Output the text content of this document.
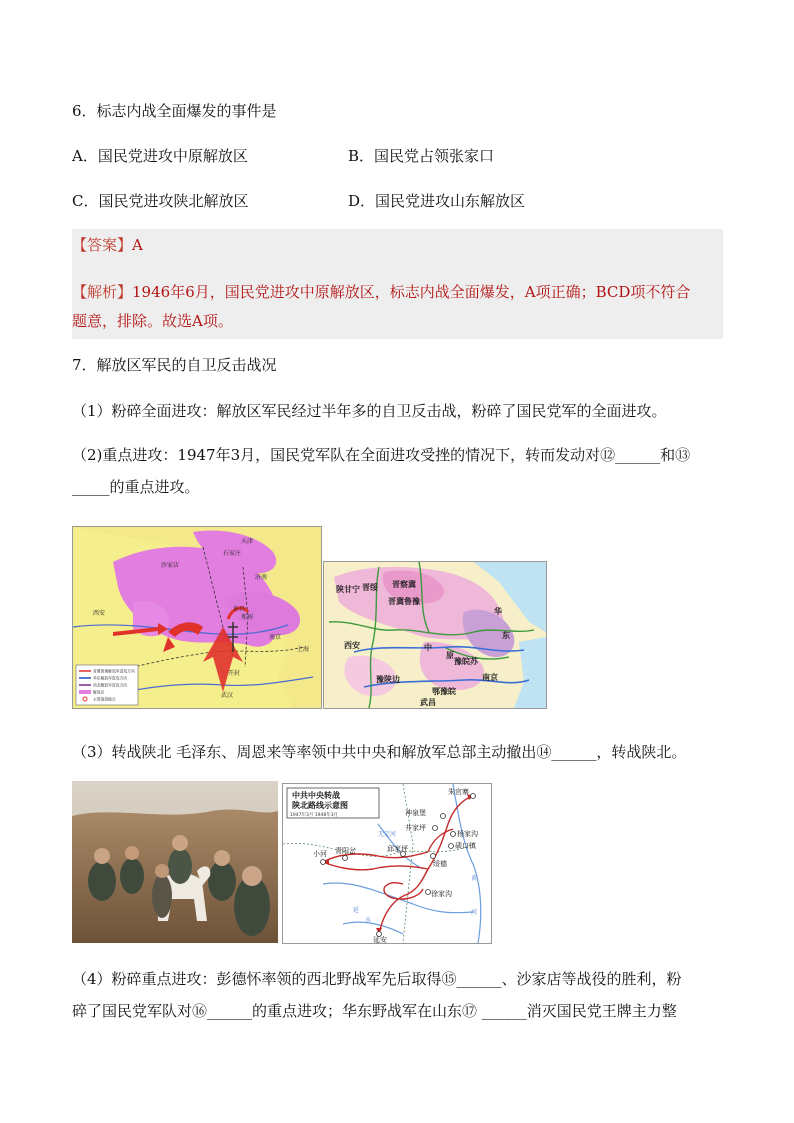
6．标志内战全面爆发的事件是
A．国民党进攻中原解放区	B．国民党占领张家口
C．国民党进攻陕北解放区	D．国民党进攻山东解放区
【答案】A
【解析】1946年6月，国民党进攻中原解放区，标志内战全面爆发，A项正确；BCD项不符合
题意，排除。故选A项。
7．解放区军民的自卫反击战况
（1）粉碎全面进攻：解放区军民经过半年多的自卫反击战，粉碎了国民党军的全面进攻。
（2)重点进攻：1947年3月，国民党军队在全面进攻受挫的情况下，转而发动对⑫______和⑬
_____的重点进攻。
天津
石家庄
沙家店
济南
许昌
郑州
南京
上海
开封
西安
武汉
晋冀鲁豫解放军进攻方向
华东解放军进攻方向
西北解放军进攻方向
解放区
主要战役地点
陕甘宁 晋绥 晋察冀
晋冀鲁豫
华
东
中
原
西安
豫皖苏
豫陕边
鄂豫皖
南京
武昌
（3）转战陕北 毛泽东、周恩来等率领中共中央和解放军总部主动撤出⑭______，转战陕北。
中共中央转战
陕北路线示意图
1947年3月 1948年3月
朱官寨
神泉堡
井家坪
杨家沟
碛口镇
小河 青阳岔	邱家坪
绥德
徐家沟
延安
无定河
延
水
黄
河
（4）粉碎重点进攻：彭德怀率领的西北野战军先后取得⑮______、沙家店等战役的胜利，粉
碎了国民党军队对⑯______的重点进攻；华东野战军在山东⑰ ______消灭国民党王牌主力整
